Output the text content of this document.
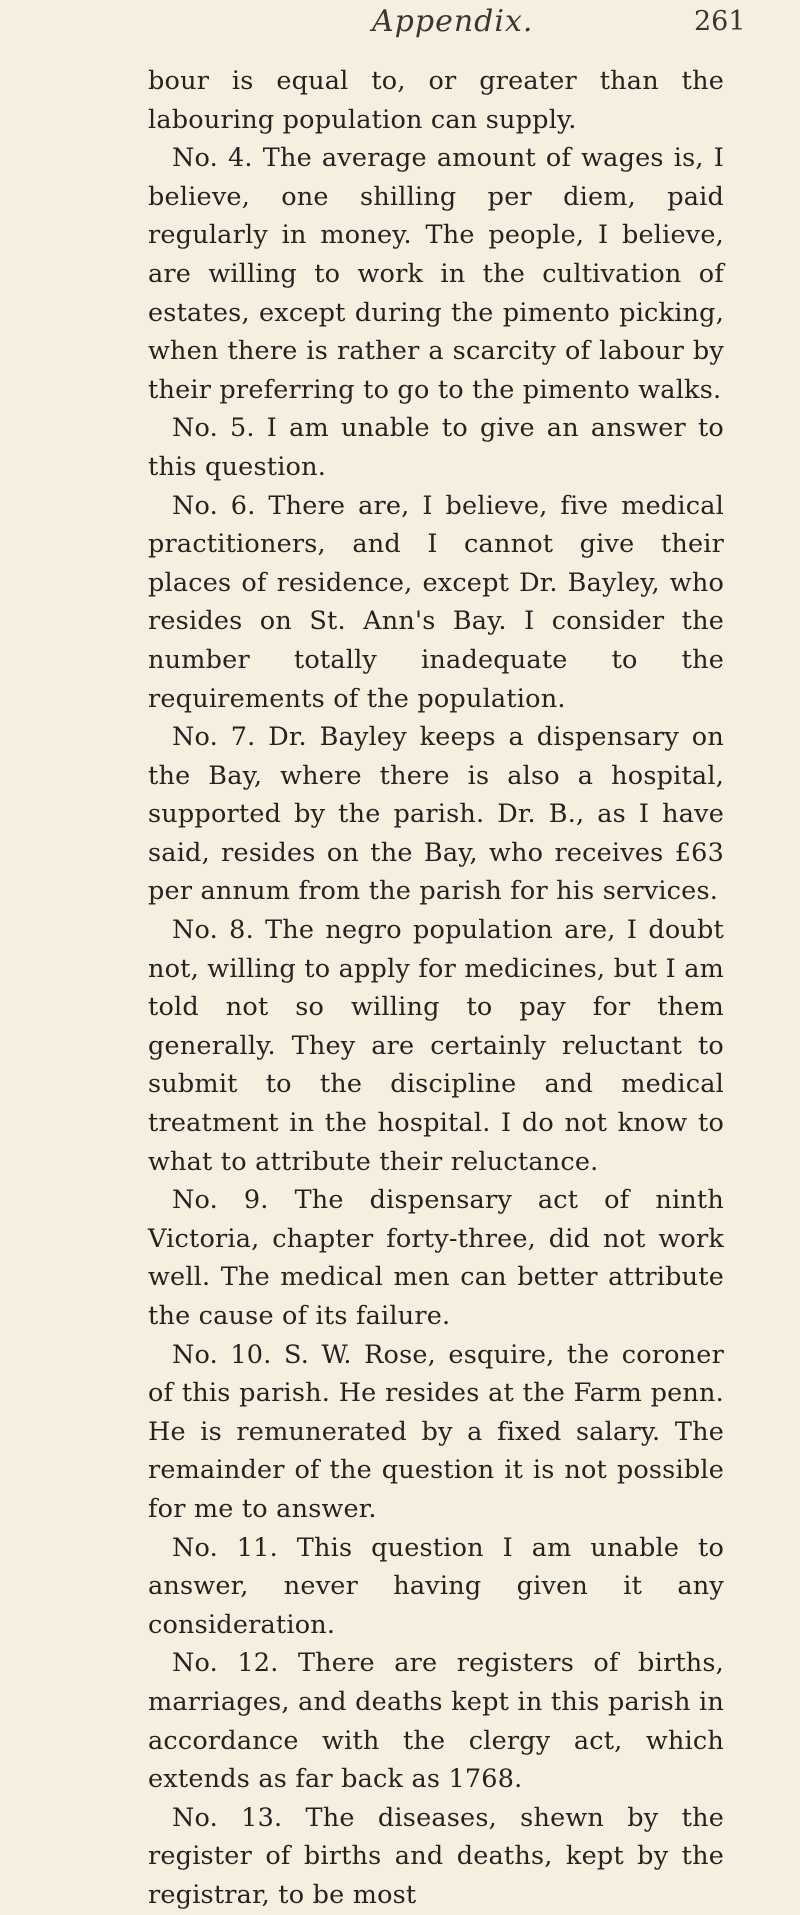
Appendix.	261

bour is equal to, or greater than the labouring population can supply.

No. 4. The average amount of wages is, I believe, one shilling per diem, paid regularly in money. The people, I believe, are willing to work in the cultivation of estates, except during the pimento picking, when there is rather a scarcity of labour by their preferring to go to the pimento walks.

No. 5. I am unable to give an answer to this question.

No. 6. There are, I believe, five medical practitioners, and I cannot give their places of residence, except Dr. Bayley, who resides on St. Ann's Bay. I consider the number totally inadequate to the requirements of the population.

No. 7. Dr. Bayley keeps a dispensary on the Bay, where there is also a hospital, supported by the parish. Dr. B., as I have said, resides on the Bay, who receives £63 per annum from the parish for his services.

No. 8. The negro population are, I doubt not, willing to apply for medicines, but I am told not so willing to pay for them generally. They are certainly reluctant to submit to the discipline and medical treatment in the hospital. I do not know to what to attribute their reluctance.

No. 9. The dispensary act of ninth Victoria, chapter forty-three, did not work well. The medical men can better attribute the cause of its failure.

No. 10. S. W. Rose, esquire, the coroner of this parish. He resides at the Farm penn. He is remunerated by a fixed salary. The remainder of the question it is not possible for me to answer.

No. 11. This question I am unable to answer, never having given it any consideration.

No. 12. There are registers of births, marriages, and deaths kept in this parish in accordance with the clergy act, which extends as far back as 1768.

No. 13. The diseases, shewn by the register of births and deaths, kept by the registrar, to be most
